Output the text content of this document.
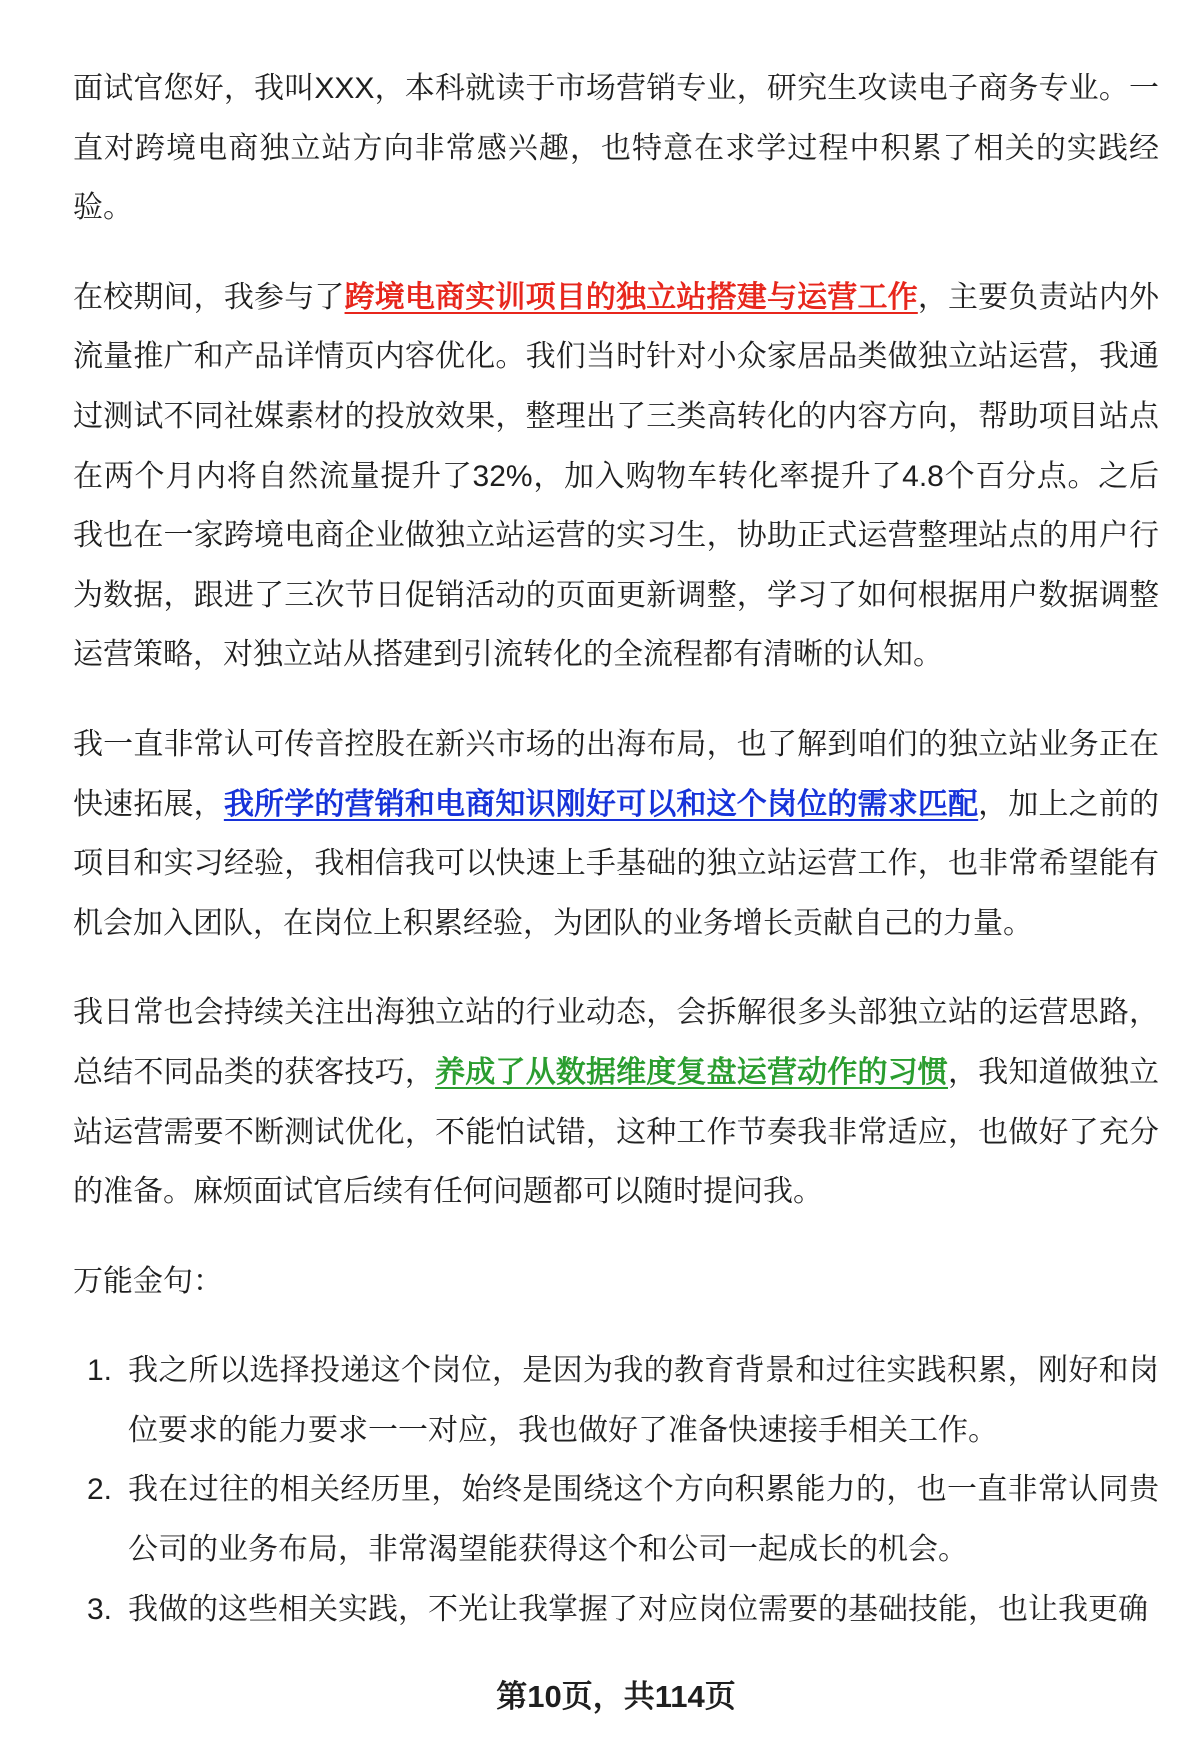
面试官您好，我叫XXX，本科就读于市场营销专业，研究生攻读电子商务专业。一直对跨境电商独立站方向非常感兴趣，也特意在求学过程中积累了相关的实践经验。

在校期间，我参与了跨境电商实训项目的独立站搭建与运营工作，主要负责站内外流量推广和产品详情页内容优化。我们当时针对小众家居品类做独立站运营，我通过测试不同社媒素材的投放效果，整理出了三类高转化的内容方向，帮助项目站点在两个月内将自然流量提升了32%，加入购物车转化率提升了4.8个百分点。之后我也在一家跨境电商企业做独立站运营的实习生，协助正式运营整理站点的用户行为数据，跟进了三次节日促销活动的页面更新调整，学习了如何根据用户数据调整运营策略，对独立站从搭建到引流转化的全流程都有清晰的认知。

我一直非常认可传音控股在新兴市场的出海布局，也了解到咱们的独立站业务正在快速拓展，我所学的营销和电商知识刚好可以和这个岗位的需求匹配，加上之前的项目和实习经验，我相信我可以快速上手基础的独立站运营工作，也非常希望能有机会加入团队，在岗位上积累经验，为团队的业务增长贡献自己的力量。

我日常也会持续关注出海独立站的行业动态，会拆解很多头部独立站的运营思路，总结不同品类的获客技巧，养成了从数据维度复盘运营动作的习惯，我知道做独立站运营需要不断测试优化，不能怕试错，这种工作节奏我非常适应，也做好了充分的准备。麻烦面试官后续有任何问题都可以随时提问我。

万能金句：

1. 我之所以选择投递这个岗位，是因为我的教育背景和过往实践积累，刚好和岗位要求的能力要求一一对应，我也做好了准备快速接手相关工作。
2. 我在过往的相关经历里，始终是围绕这个方向积累能力的，也一直非常认同贵公司的业务布局，非常渴望能获得这个和公司一起成长的机会。
3. 我做的这些相关实践，不光让我掌握了对应岗位需要的基础技能，也让我更确
第10页，共114页
